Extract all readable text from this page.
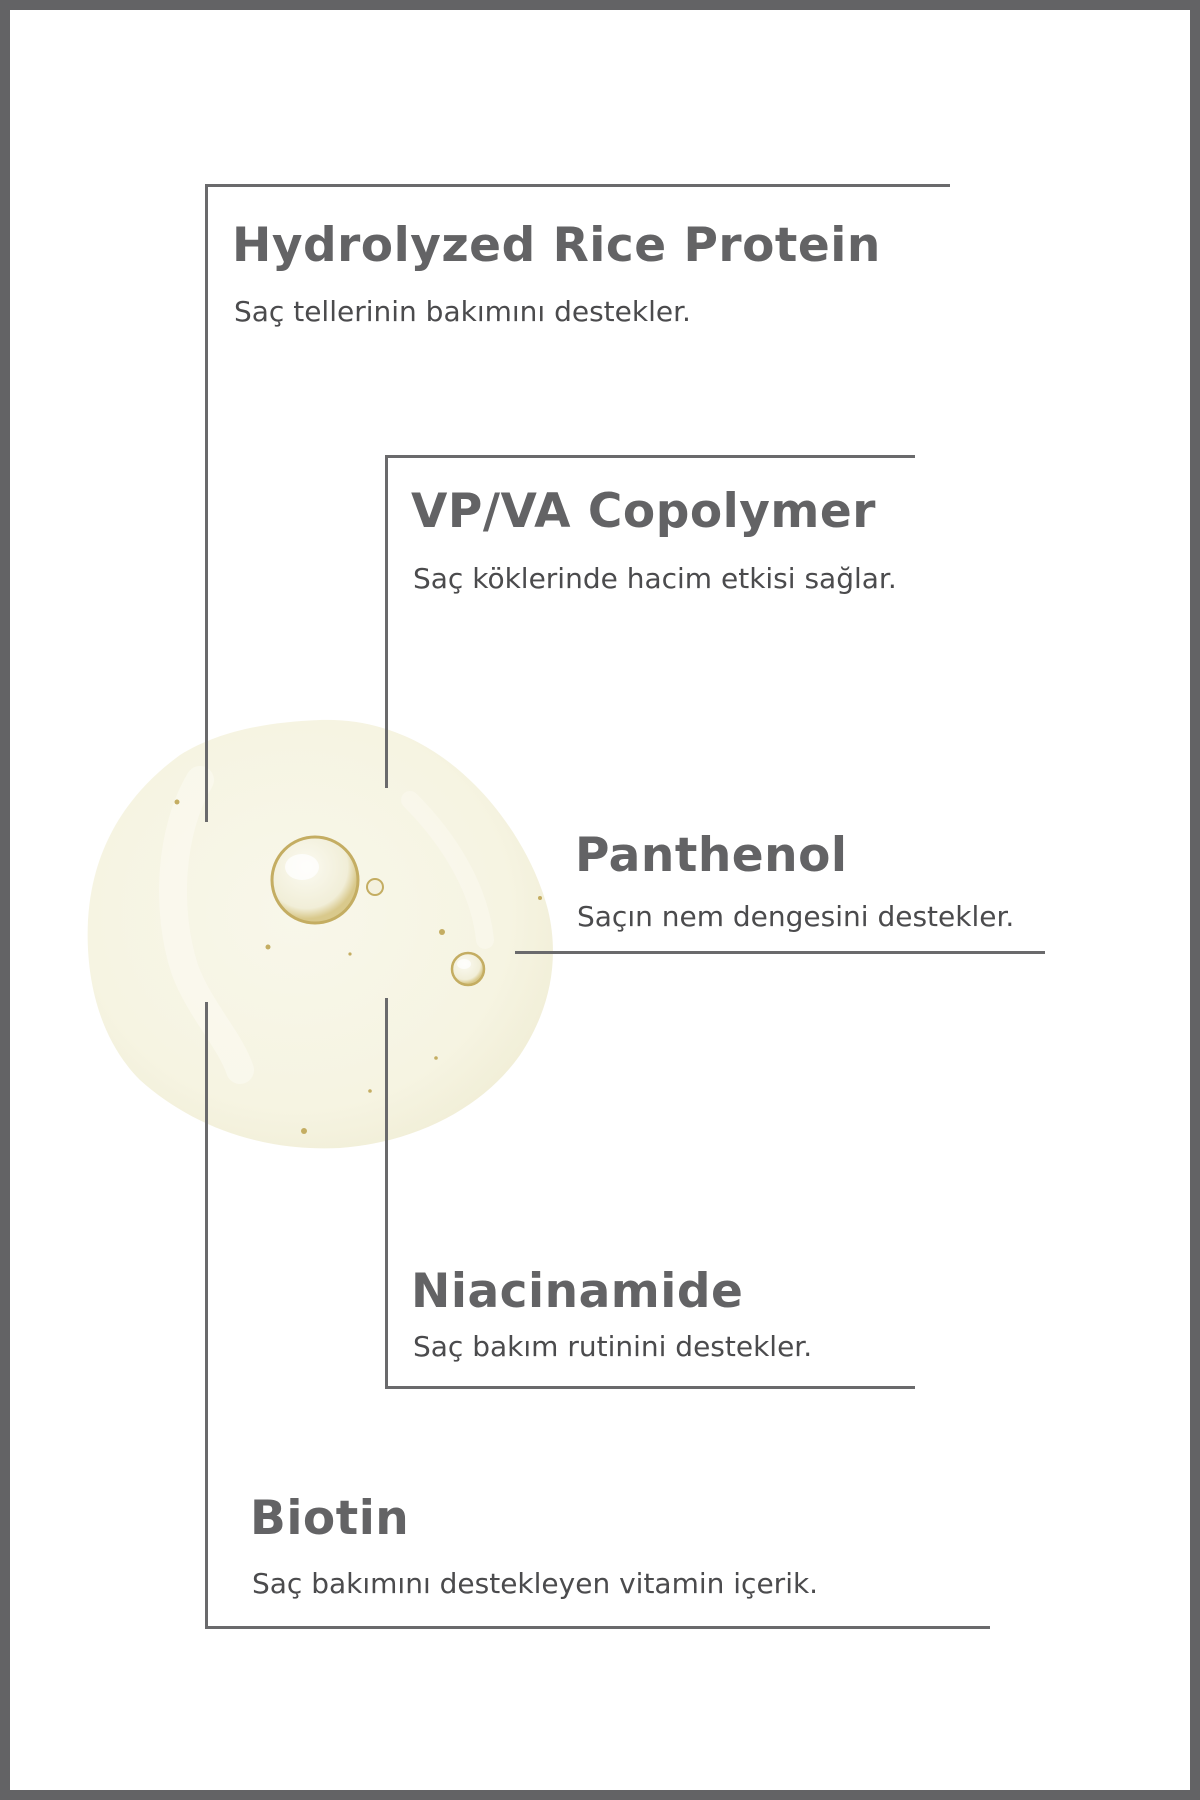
Hydrolyzed Rice Protein
Saç tellerinin bakımını destekler.
VP/VA Copolymer
Saç köklerinde hacim etkisi sağlar.
Panthenol
Saçın nem dengesini destekler.
Niacinamide
Saç bakım rutinini destekler.
Biotin
Saç bakımını destekleyen vitamin içerik.
